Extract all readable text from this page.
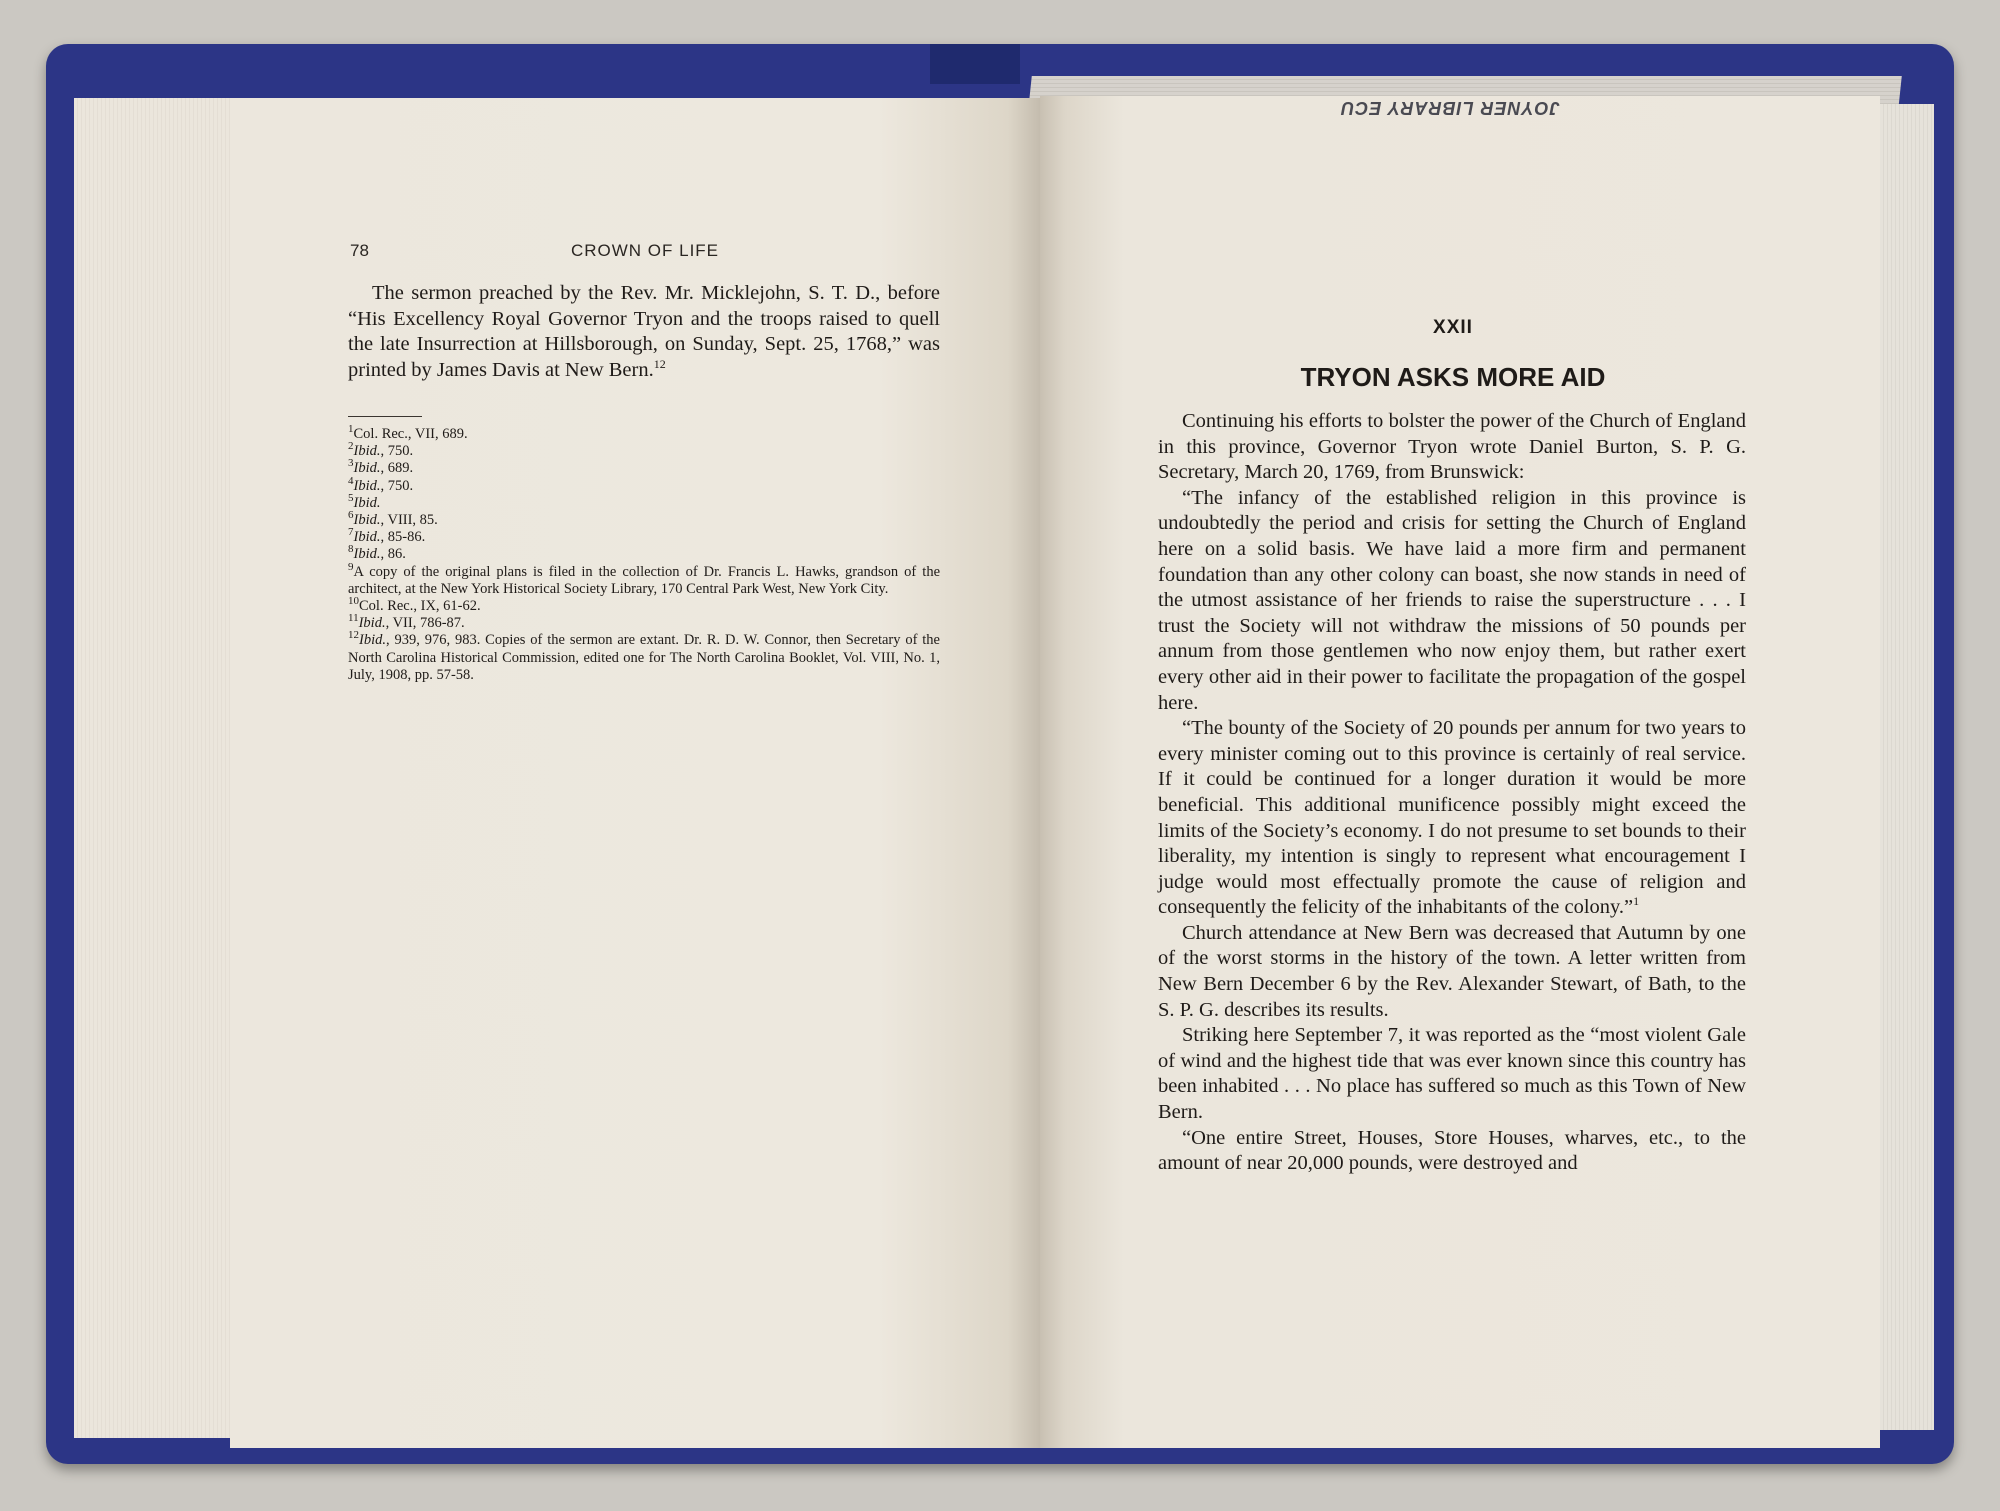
JOYNER LIBRARY ECU
78	CROWN OF LIFE

The sermon preached by the Rev. Mr. Micklejohn, S. T. D., before “His Excellency Royal Governor Tryon and the troops raised to quell the late Insurrection at Hillsborough, on Sunday, Sept. 25, 1768,” was printed by James Davis at New Bern.$^{12}$

$^1$Col. Rec., VII, 689.
$^2$Ibid., 750.
$^3$Ibid., 689.
$^4$Ibid., 750.
$^5$Ibid.
$^6$Ibid., VIII, 85.
$^7$Ibid., 85-86.
$^8$Ibid., 86.
$^9$A copy of the original plans is filed in the collection of Dr. Francis L. Hawks, grandson of the architect, at the New York Historical Society Library, 170 Central Park West, New York City.
$^{10}$Col. Rec., IX, 61-62.
$^{11}$Ibid., VII, 786-87.
$^{12}$Ibid., 939, 976, 983. Copies of the sermon are extant. Dr. R. D. W. Connor, then Secretary of the North Carolina Historical Commission, edited one for The North Carolina Booklet, Vol. VIII, No. 1, July, 1908, pp. 57-58.
XXII
TRYON ASKS MORE AID

Continuing his efforts to bolster the power of the Church of England in this province, Governor Tryon wrote Daniel Burton, S. P. G. Secretary, March 20, 1769, from Brunswick:

“The infancy of the established religion in this province is undoubtedly the period and crisis for setting the Church of England here on a solid basis. We have laid a more firm and permanent foundation than any other colony can boast, she now stands in need of the utmost assistance of her friends to raise the superstructure . . . I trust the Society will not withdraw the missions of 50 pounds per annum from those gentlemen who now enjoy them, but rather exert every other aid in their power to facilitate the propagation of the gospel here.

“The bounty of the Society of 20 pounds per annum for two years to every minister coming out to this province is certainly of real service. If it could be continued for a longer duration it would be more beneficial. This additional munificence possibly might exceed the limits of the Society’s economy. I do not presume to set bounds to their liberality, my intention is singly to represent what encouragement I judge would most effectually promote the cause of religion and consequently the felicity of the inhabitants of the colony.”$^1$

Church attendance at New Bern was decreased that Autumn by one of the worst storms in the history of the town. A letter written from New Bern December 6 by the Rev. Alexander Stewart, of Bath, to the S. P. G. describes its results.

Striking here September 7, it was reported as the “most violent Gale of wind and the highest tide that was ever known since this country has been inhabited . . . No place has suffered so much as this Town of New Bern.

“One entire Street, Houses, Store Houses, wharves, etc., to the amount of near 20,000 pounds, were destroyed and
